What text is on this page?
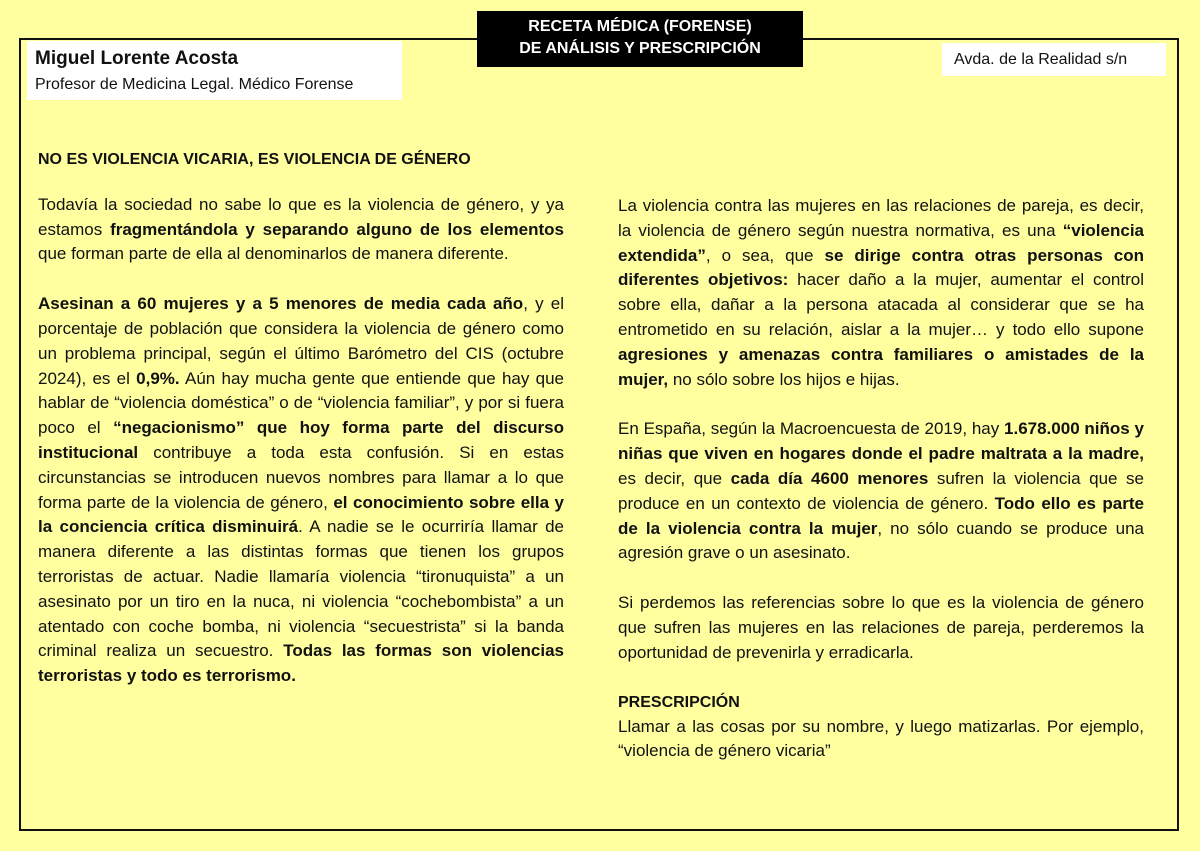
RECETA MÉDICA (FORENSE)
DE ANÁLISIS Y PRESCRIPCIÓN
Miguel Lorente Acosta
Profesor de Medicina Legal. Médico Forense
Avda. de la Realidad s/n
NO ES VIOLENCIA VICARIA, ES VIOLENCIA DE GÉNERO

Todavía la sociedad no sabe lo que es la violencia de género, y ya estamos fragmentándola y separando alguno de los elementos que forman parte de ella al denominarlos de manera diferente.

Asesinan a 60 mujeres y a 5 menores de media cada año, y el porcentaje de población que considera la violencia de género como un problema principal, según el último Barómetro del CIS (octubre 2024), es el 0,9%. Aún hay mucha gente que entiende que hay que hablar de “violencia doméstica” o de “violencia familiar”, y por si fuera poco el “negacionismo” que hoy forma parte del discurso institucional contribuye a toda esta confusión. Si en estas circunstancias se introducen nuevos nombres para llamar a lo que forma parte de la violencia de género, el conocimiento sobre ella y la conciencia crítica disminuirá. A nadie se le ocurriría llamar de manera diferente a las distintas formas que tienen los grupos terroristas de actuar. Nadie llamaría violencia “tironuquista” a un asesinato por un tiro en la nuca, ni violencia “cochebombista” a un atentado con coche bomba, ni violencia “secuestrista” si la banda criminal realiza un secuestro. Todas las formas son violencias terroristas y todo es terrorismo.

La violencia contra las mujeres en las relaciones de pareja, es decir, la violencia de género según nuestra normativa, es una “violencia extendida”, o sea, que se dirige contra otras personas con diferentes objetivos: hacer daño a la mujer, aumentar el control sobre ella, dañar a la persona atacada al considerar que se ha entrometido en su relación, aislar a la mujer… y todo ello supone agresiones y amenazas contra familiares o amistades de la mujer, no sólo sobre los hijos e hijas.

En España, según la Macroencuesta de 2019, hay 1.678.000 niños y niñas que viven en hogares donde el padre maltrata a la madre, es decir, que cada día 4600 menores sufren la violencia que se produce en un contexto de violencia de género. Todo ello es parte de la violencia contra la mujer, no sólo cuando se produce una agresión grave o un asesinato.

Si perdemos las referencias sobre lo que es la violencia de género que sufren las mujeres en las relaciones de pareja, perderemos la oportunidad de prevenirla y erradicarla.

PRESCRIPCIÓN

Llamar a las cosas por su nombre, y luego matizarlas. Por ejemplo, “violencia de género vicaria”
